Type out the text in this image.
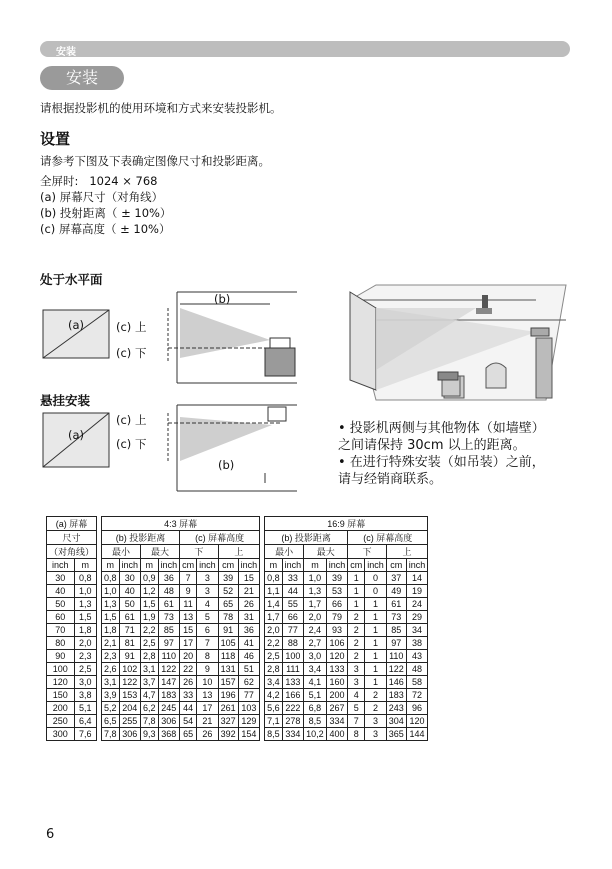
安装
安装
请根据投影机的使用环境和方式来安装投影机。
设置
请参考下图及下表确定图像尺寸和投影距离。
全屏时:   1024 × 768
(a) 屏幕尺寸（对角线）
(b) 投射距离（ ± 10%）
(c) 屏幕高度（ ± 10%）
处于水平面
悬挂安装
(a)
(b)
(c) 上
(c) 下
(a)
(b)
(c) 上
(c) 下
• 投影机两侧与其他物体（如墙壁）
之间请保持 30cm 以上的距离。
• 在进行特殊安装（如吊装）之前，
请与经销商联系。
(a) 屏幕			4:3 屏幕									16:9 屏幕							
尺寸			(b) 投影距离				(c) 屏幕高度					(b) 投影距离				(c) 屏幕高度			
（对角线）			最小		最大		下		上			最小		最大		下		上	
inch	m		m	inch	m	inch	cm	inch	cm	inch		m	inch	m	inch	cm	inch	cm	inch
30	0,8		0,8	30	0,9	36	7	3	39	15		0,8	33	1,0	39	1	0	37	14
40	1,0		1,0	40	1,2	48	9	3	52	21		1,1	44	1,3	53	1	0	49	19
50	1,3		1,3	50	1,5	61	11	4	65	26		1,4	55	1,7	66	1	1	61	24
60	1,5		1,5	61	1,9	73	13	5	78	31		1,7	66	2,0	79	2	1	73	29
70	1,8		1,8	71	2,2	85	15	6	91	36		2,0	77	2,4	93	2	1	85	34
80	2,0		2,1	81	2,5	97	17	7	105	41		2,2	88	2,7	106	2	1	97	38
90	2,3		2,3	91	2,8	110	20	8	118	46		2,5	100	3,0	120	2	1	110	43
100	2,5		2,6	102	3,1	122	22	9	131	51		2,8	111	3,4	133	3	1	122	48
120	3,0		3,1	122	3,7	147	26	10	157	62		3,4	133	4,1	160	3	1	146	58
150	3,8		3,9	153	4,7	183	33	13	196	77		4,2	166	5,1	200	4	2	183	72
200	5,1		5,2	204	6,2	245	44	17	261	103		5,6	222	6,8	267	5	2	243	96
250	6,4		6,5	255	7,8	306	54	21	327	129		7,1	278	8,5	334	7	3	304	120
300	7,6		7,8	306	9,3	368	65	26	392	154		8,5	334	10,2	400	8	3	365	144
6
